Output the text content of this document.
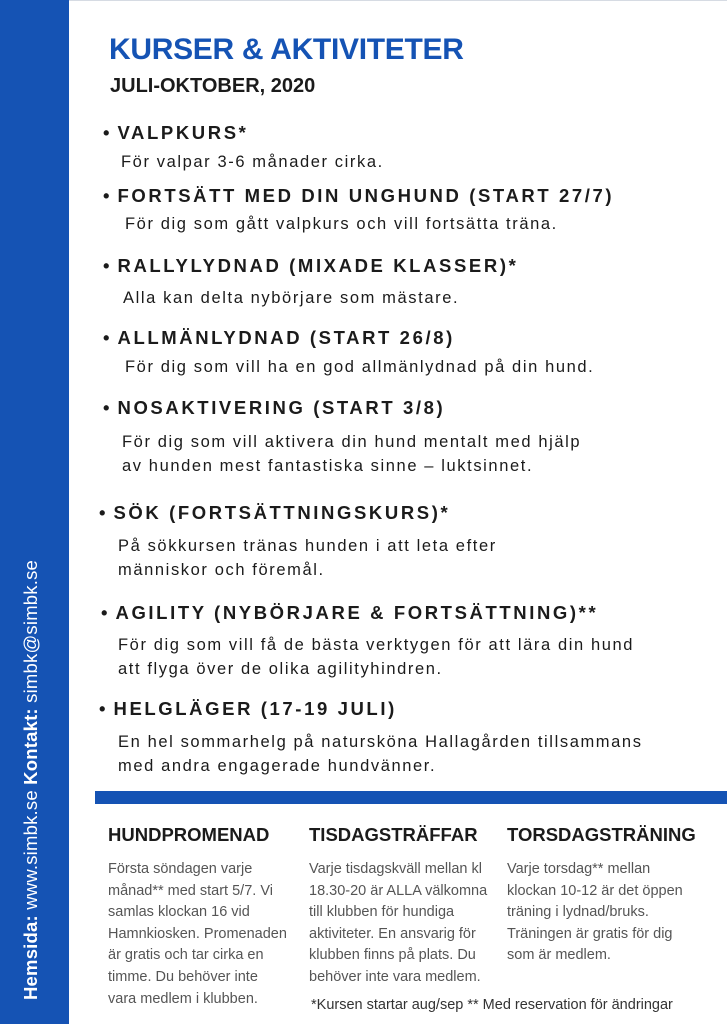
Hemsida: www.simbk.se Kontakt: simbk@simbk.se
KURSER & AKTIVITETER
JULI-OKTOBER, 2020
• VALPKURS*
För valpar 3-6 månader cirka.
• FORTSÄTT MED DIN UNGHUND (START 27/7)
För dig som gått valpkurs och vill fortsätta träna.
• RALLYLYDNAD (MIXADE KLASSER)*
Alla kan delta nybörjare som mästare.
• ALLMÄNLYDNAD (START 26/8)
För dig som vill ha en god allmänlydnad på din hund.
• NOSAKTIVERING (START 3/8)
För dig som vill aktivera din hund mentalt med hjälp
av hunden mest fantastiska sinne – luktsinnet.
• SÖK (FORTSÄTTNINGSKURS)*
På sökkursen tränas hunden i att leta efter
människor och föremål.
• AGILITY (NYBÖRJARE & FORTSÄTTNING)**
För dig som vill få de bästa verktygen för att lära din hund
att flyga över de olika agilityhindren.
• HELGLÄGER (17-19 JULI)
En hel sommarhelg på natursköna Hallagården tillsammans
med andra engagerade hundvänner.
HUNDPROMENAD
Första söndagen varje
månad** med start 5/7. Vi
samlas klockan 16 vid
Hamnkiosken. Promenaden
är gratis och tar cirka en
timme. Du behöver inte
vara medlem i klubben.
TISDAGSTRÄFFAR
Varje tisdagskväll mellan kl
18.30-20 är ALLA välkomna
till klubben för hundiga
aktiviteter. En ansvarig för
klubben finns på plats. Du
behöver inte vara medlem.
TORSDAGSTRÄNING
Varje torsdag** mellan
klockan 10-12 är det öppen
träning i lydnad/bruks.
Träningen är gratis för dig
som är medlem.
*Kursen startar aug/sep ** Med reservation för ändringar
